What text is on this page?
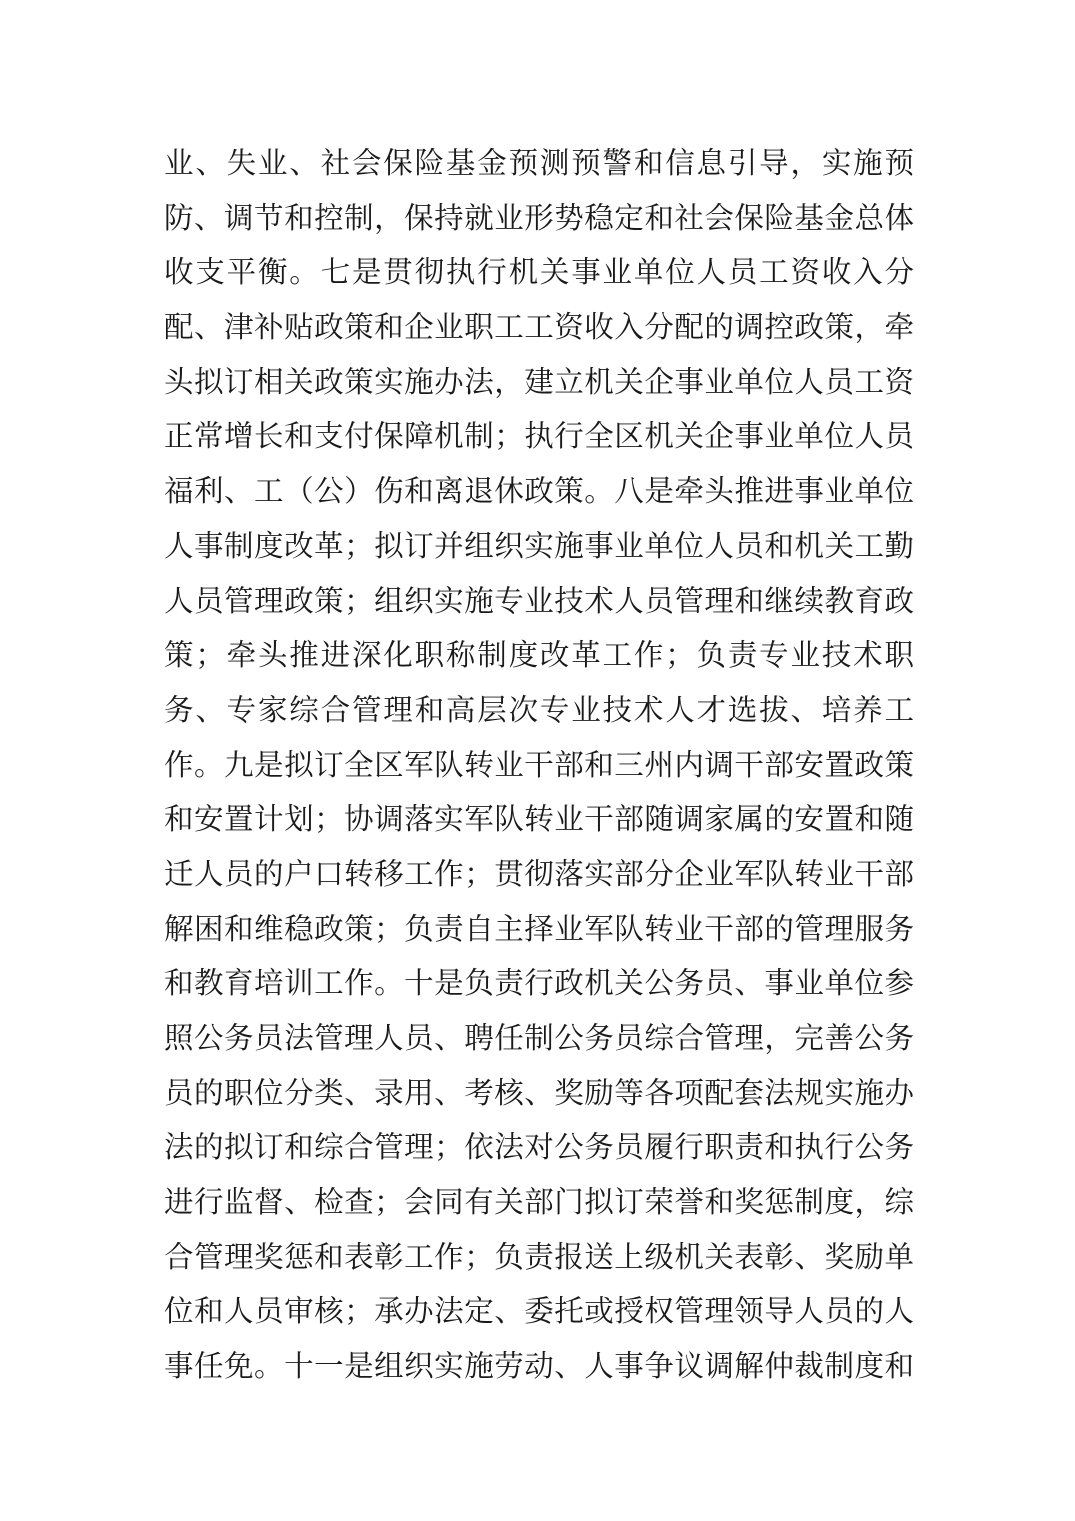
业、失业、社会保险基金预测预警和信息引导，实施预
防、调节和控制，保持就业形势稳定和社会保险基金总体
收支平衡。七是贯彻执行机关事业单位人员工资收入分
配、津补贴政策和企业职工工资收入分配的调控政策，牵
头拟订相关政策实施办法，建立机关企事业单位人员工资
正常增长和支付保障机制；执行全区机关企事业单位人员
福利、工（公）伤和离退休政策。八是牵头推进事业单位
人事制度改革；拟订并组织实施事业单位人员和机关工勤
人员管理政策；组织实施专业技术人员管理和继续教育政
策；牵头推进深化职称制度改革工作；负责专业技术职
务、专家综合管理和高层次专业技术人才选拔、培养工
作。九是拟订全区军队转业干部和三州内调干部安置政策
和安置计划；协调落实军队转业干部随调家属的安置和随
迁人员的户口转移工作；贯彻落实部分企业军队转业干部
解困和维稳政策；负责自主择业军队转业干部的管理服务
和教育培训工作。十是负责行政机关公务员、事业单位参
照公务员法管理人员、聘任制公务员综合管理，完善公务
员的职位分类、录用、考核、奖励等各项配套法规实施办
法的拟订和综合管理；依法对公务员履行职责和执行公务
进行监督、检查；会同有关部门拟订荣誉和奖惩制度，综
合管理奖惩和表彰工作；负责报送上级机关表彰、奖励单
位和人员审核；承办法定、委托或授权管理领导人员的人
事任免。十一是组织实施劳动、人事争议调解仲裁制度和
